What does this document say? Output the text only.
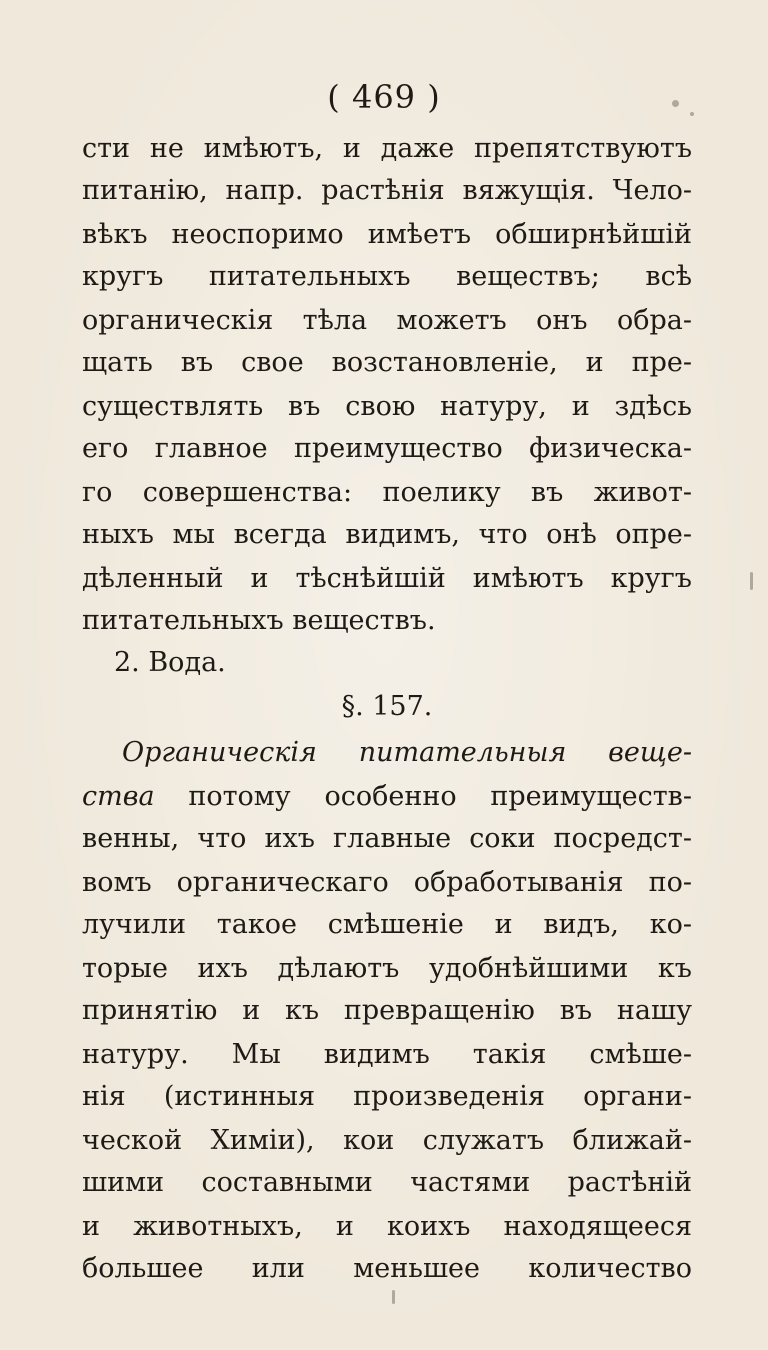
( 469 )
сти не имѣютъ, и даже препятствуютъ
питанію, напр. растѣнія вяжущія. Чело-
вѣкъ неоспоримо имѣетъ обширнѣйшій
кругъ питательныхъ веществъ; всѣ
органическія тѣла можетъ онъ обра-
щать въ свое возстановленіе, и пре-
существлять въ свою натуру, и здѣсь
его главное преимущество физическа-
го совершенства: поелику въ живот-
ныхъ мы всегда видимъ, что онѣ опре-
дѣленный и тѣснѣйшій имѣютъ кругъ
питательныхъ веществъ.
2. Вода.
§. 157.
Органическія питательныя веще-
ства потому особенно преимуществ-
венны, что ихъ главные соки посредст-
вомъ органическаго обработыванія по-
лучили такое смѣшеніе и видъ, ко-
торые ихъ дѣлаютъ удобнѣйшими къ
принятію и къ превращенію въ нашу
натуру. Мы видимъ такія смѣше-
нія (истинныя произведенія органи-
ческой Химіи), кои служатъ ближай-
шими составными частями растѣній
и животныхъ, и коихъ находящееся
большее или меньшее количество
